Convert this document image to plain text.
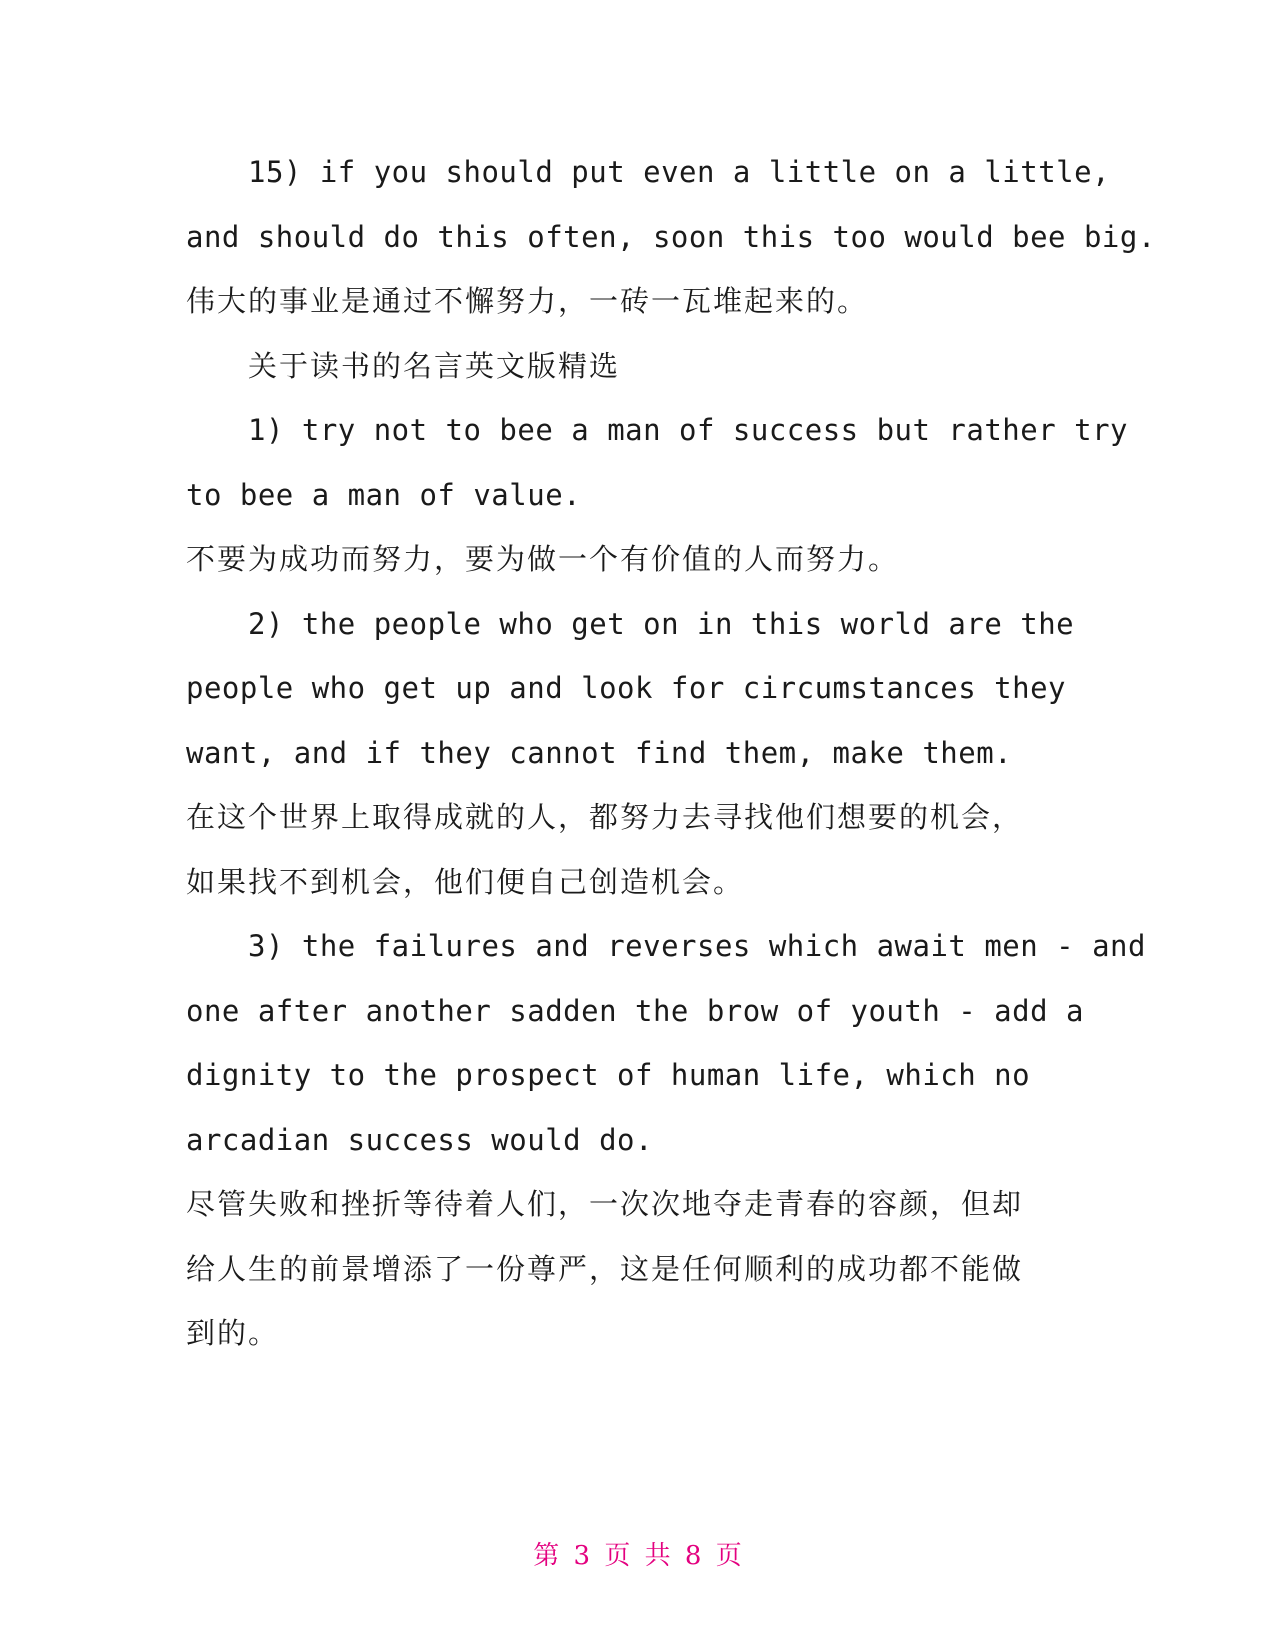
15) if you should put even a little on a little,
and should do this often, soon this too would bee big.
伟大的事业是通过不懈努力，一砖一瓦堆起来的。
关于读书的名言英文版精选
1) try not to bee a man of success but rather try
to bee a man of value.
不要为成功而努力，要为做一个有价值的人而努力。
2) the people who get on in this world are the
people who get up and look for circumstances they
want, and if they cannot find them, make them.
在这个世界上取得成就的人，都努力去寻找他们想要的机会，
如果找不到机会，他们便自己创造机会。
3) the failures and reverses which await men - and
one after another sadden the brow of youth - add a
dignity to the prospect of human life, which no
arcadian success would do.
尽管失败和挫折等待着人们，一次次地夺走青春的容颜，但却
给人生的前景增添了一份尊严，这是任何顺利的成功都不能做
到的。
第 3 页 共 8 页
